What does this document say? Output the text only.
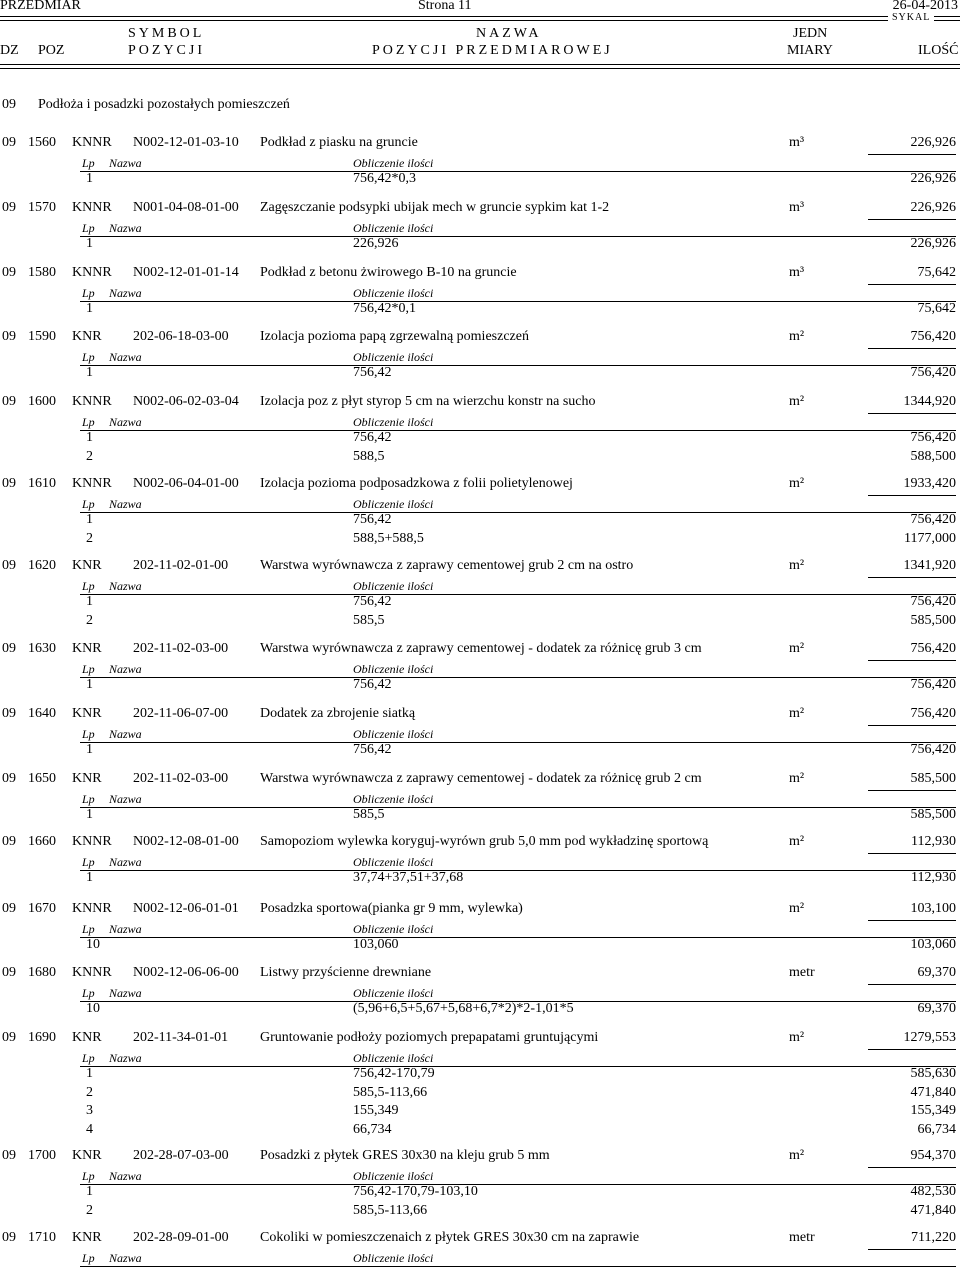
PRZEDMIAR	Strona 11	26-04-2013
SYKAL
SYMBOL	NAZWA	JEDN
DZ POZ	POZYCJI	POZYCJI PRZEDMIAROWEJ	MIARY	ILOŚĆ
09 Podłoża i posadzki pozostałych pomieszczeń
09 1560 KNNR N002-12-01-03-10 Podkład z piasku na gruncie	m³	226,926
Lp Nazwa	Obliczenie ilości
1	756,42*0,3	226,926
09 1570 KNNR N001-04-08-01-00 Zagęszczanie podsypki ubijak mech w gruncie sypkim kat 1-2	m³	226,926
Lp Nazwa	Obliczenie ilości
1	226,926	226,926
09 1580 KNNR N002-12-01-01-14 Podkład z betonu żwirowego B-10 na gruncie	m³	75,642
Lp Nazwa	Obliczenie ilości
1	756,42*0,1	75,642
09 1590 KNR 202-06-18-03-00 Izolacja pozioma papą zgrzewalną pomieszczeń	m²	756,420
Lp Nazwa	Obliczenie ilości
1	756,42	756,420
09 1600 KNNR N002-06-02-03-04 Izolacja poz z płyt styrop 5 cm na wierzchu konstr na sucho	m²	1344,920
Lp Nazwa	Obliczenie ilości
1	756,42	756,420
2	588,5	588,500
09 1610 KNNR N002-06-04-01-00 Izolacja pozioma podposadzkowa z folii polietylenowej	m²	1933,420
Lp Nazwa	Obliczenie ilości
1	756,42	756,420
2	588,5+588,5	1177,000
09 1620 KNR 202-11-02-01-00 Warstwa wyrównawcza z zaprawy cementowej grub 2 cm na ostro	m²	1341,920
Lp Nazwa	Obliczenie ilości
1	756,42	756,420
2	585,5	585,500
09 1630 KNR 202-11-02-03-00 Warstwa wyrównawcza z zaprawy cementowej - dodatek za różnicę grub 3 cm	m²	756,420
Lp Nazwa	Obliczenie ilości
1	756,42	756,420
09 1640 KNR 202-11-06-07-00 Dodatek za zbrojenie siatką	m²	756,420
Lp Nazwa	Obliczenie ilości
1	756,42	756,420
09 1650 KNR 202-11-02-03-00 Warstwa wyrównawcza z zaprawy cementowej - dodatek za różnicę grub 2 cm	m²	585,500
Lp Nazwa	Obliczenie ilości
1	585,5	585,500
09 1660 KNNR N002-12-08-01-00 Samopoziom wylewka koryguj-wyrówn grub 5,0 mm pod wykładzinę sportową	m²	112,930
Lp Nazwa	Obliczenie ilości
1	37,74+37,51+37,68	112,930
09 1670 KNNR N002-12-06-01-01 Posadzka sportowa(pianka gr 9 mm, wylewka)	m²	103,100
Lp Nazwa	Obliczenie ilości
10	103,060	103,060
09 1680 KNNR N002-12-06-06-00 Listwy przyścienne drewniane	metr	69,370
Lp Nazwa	Obliczenie ilości
10	(5,96+6,5+5,67+5,68+6,7*2)*2-1,01*5	69,370
09 1690 KNR 202-11-34-01-01 Gruntowanie podłoży poziomych prepapatami gruntującymi	m²	1279,553
Lp Nazwa	Obliczenie ilości
1	756,42-170,79	585,630
2	585,5-113,66	471,840
3	155,349	155,349
4	66,734	66,734
09 1700 KNR 202-28-07-03-00 Posadzki z płytek GRES 30x30 na kleju grub 5 mm	m²	954,370
Lp Nazwa	Obliczenie ilości
1	756,42-170,79-103,10	482,530
2	585,5-113,66	471,840
09 1710 KNR 202-28-09-01-00 Cokoliki w pomieszczenaich z płytek GRES 30x30 cm na zaprawie	metr	711,220
Lp Nazwa	Obliczenie ilości
